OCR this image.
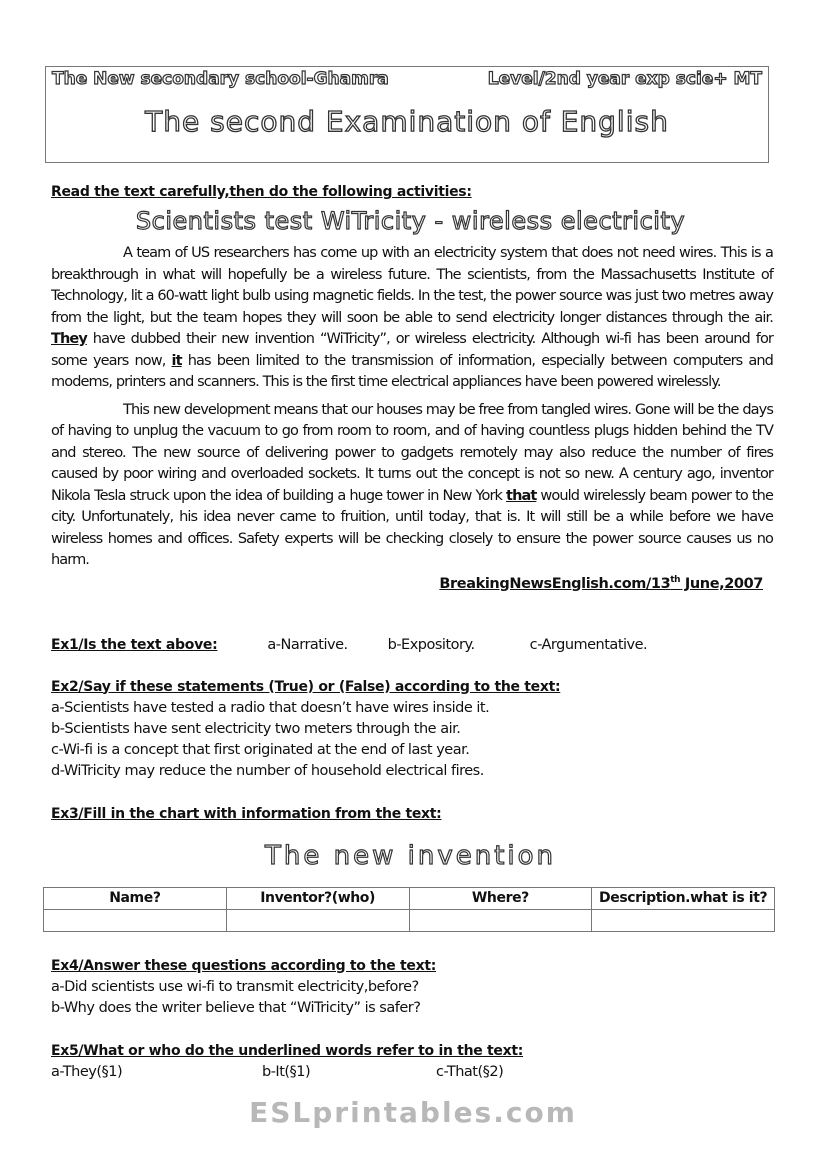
The New secondary school-Ghamra	Level/2nd year exp scie+ MT
The second Examination of English
Read the text carefully,then do the following activities:
Scientists test WiTricity - wireless electricity
A team of US researchers has come up with an electricity system that does not need wires. This is a breakthrough in what will hopefully be a wireless future. The scientists, from the Massachusetts Institute of Technology, lit a 60-watt light bulb using magnetic fields. In the test, the power source was just two metres away from the light, but the team hopes they will soon be able to send electricity longer distances through the air. They have dubbed their new invention “WiTricity”, or wireless electricity. Although wi-fi has been around for some years now, it has been limited to the transmission of information, especially between computers and modems, printers and scanners. This is the first time electrical appliances have been powered wirelessly.
This new development means that our houses may be free from tangled wires. Gone will be the days of having to unplug the vacuum to go from room to room, and of having countless plugs hidden behind the TV and stereo. The new source of delivering power to gadgets remotely may also reduce the number of fires caused by poor wiring and overloaded sockets. It turns out the concept is not so new. A century ago, inventor Nikola Tesla struck upon the idea of building a huge tower in New York that would wirelessly beam power to the city. Unfortunately, his idea never came to fruition, until today, that is. It will still be a while before we have wireless homes and offices. Safety experts will be checking closely to ensure the power source causes us no harm.
BreakingNewsEnglish.com/13th June,2007
Ex1/Is the text above:	a-Narrative.	b-Expository.	c-Argumentative.
Ex2/Say if these statements (True) or (False) according to the text:
a-Scientists have tested a radio that doesn’t have wires inside it.
b-Scientists have sent electricity two meters through the air.
c-Wi-fi is a concept that first originated at the end of last year.
d-WiTricity may reduce the number of household electrical fires.
Ex3/Fill in the chart with information from the text:
The new invention
Name?	Inventor?(who)	Where?	Description.what is it?

Ex4/Answer these questions according to the text:
a-Did scientists use wi-fi to transmit electricity,before?
b-Why does the writer believe that “WiTricity” is safer?
Ex5/What or who do the underlined words refer to in the text:
a-They(§1)	b-It(§1)	c-That(§2)
ESLprintables.com
